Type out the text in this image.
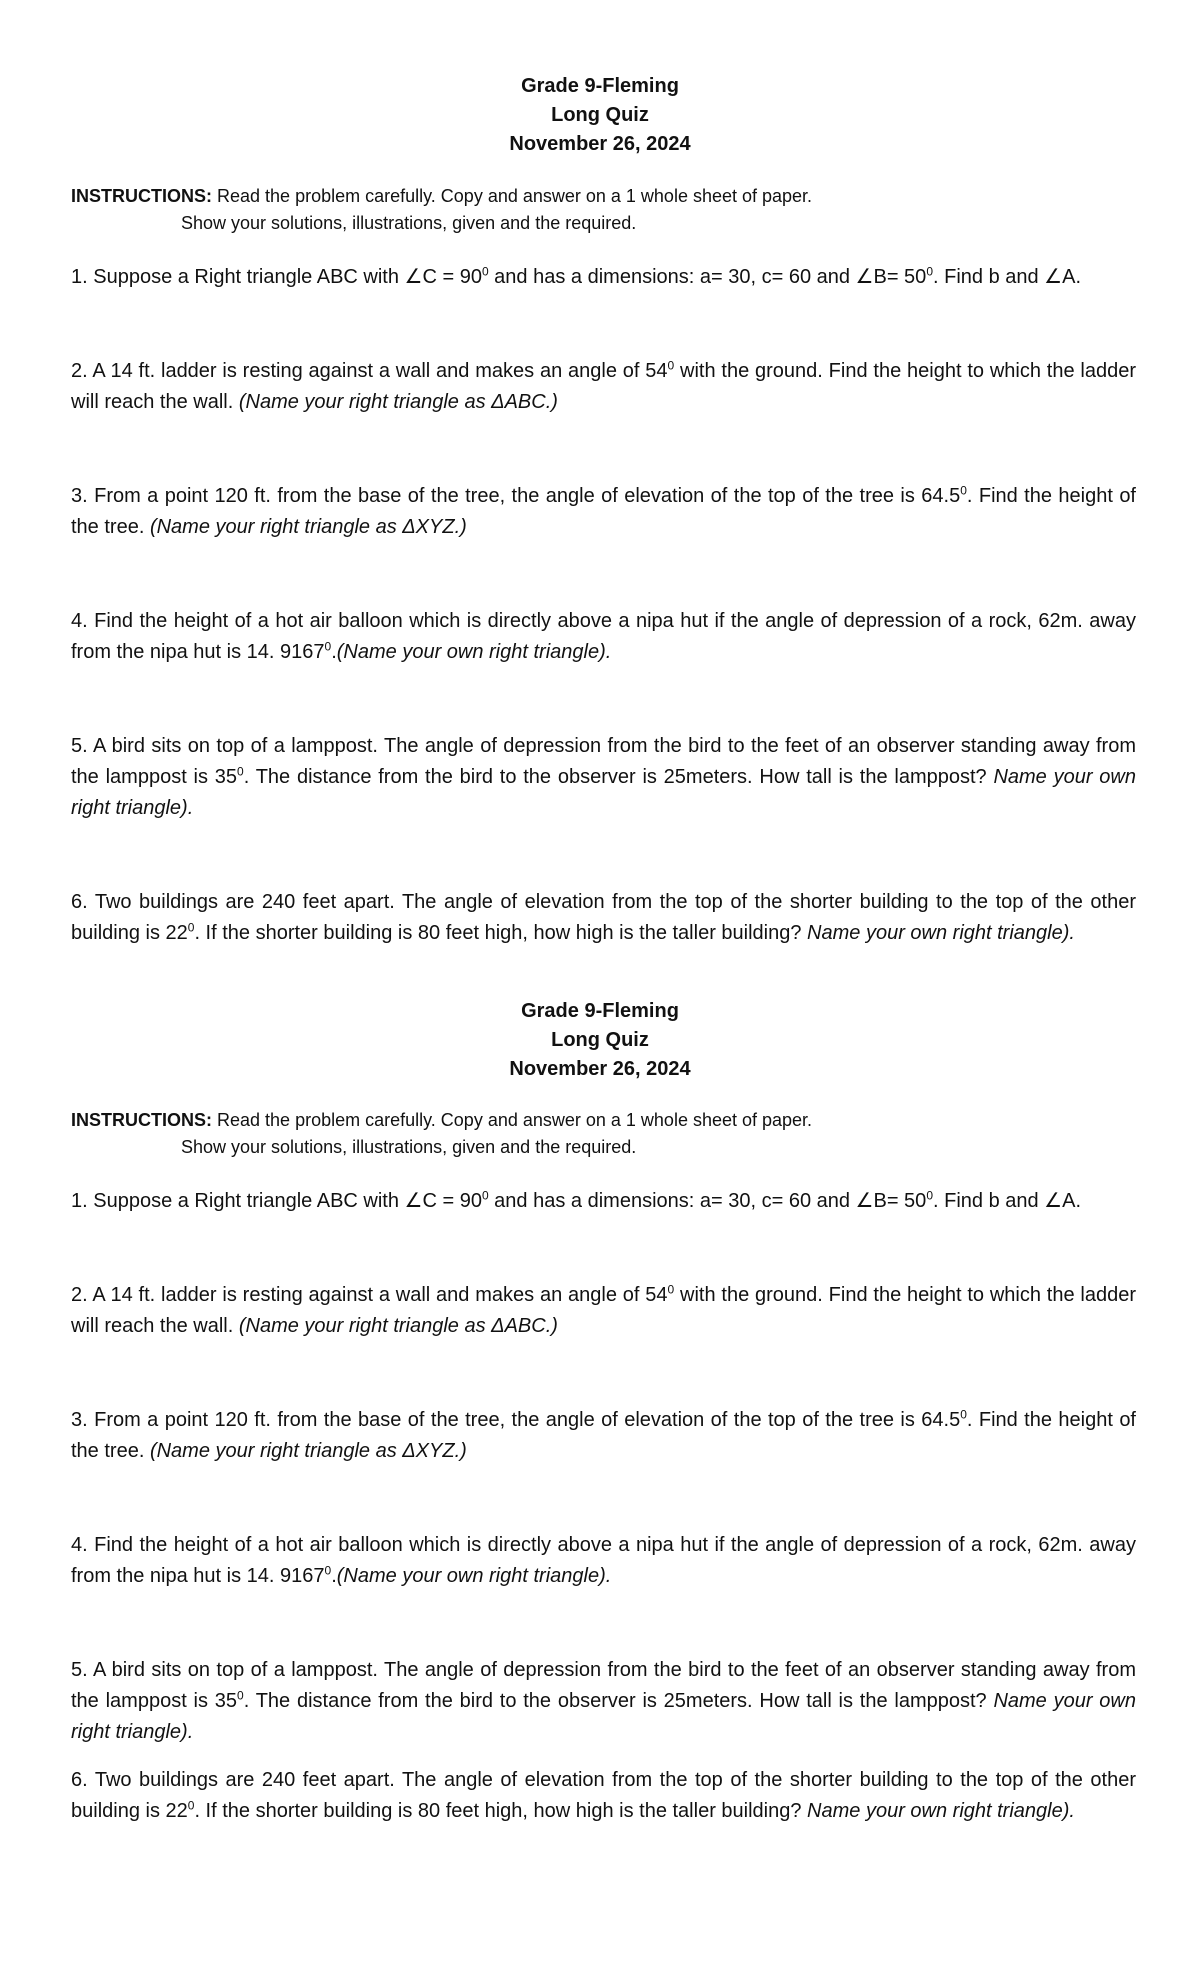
Grade 9-Fleming
Long Quiz
November 26, 2024
INSTRUCTIONS: Read the problem carefully. Copy and answer on a 1 whole sheet of paper.
Show your solutions, illustrations, given and the required.
1. Suppose a Right triangle ABC with ∠C = $90^0$ and has a dimensions: a= 30, c= 60 and ∠B= $50^0$. Find b and ∠A.
2. A 14 ft. ladder is resting against a wall and makes an angle of $54^0$ with the ground. Find the height to which the ladder will reach the wall. (Name your right triangle as ΔABC.)
3. From a point 120 ft. from the base of the tree, the angle of elevation of the top of the tree is 64.5$^0$. Find the height of the tree. (Name your right triangle as ΔXYZ.)
4. Find the height of a hot air balloon which is directly above a nipa hut if the angle of depression of a rock, 62m. away from the nipa hut is 14. 9167$^0$.(Name your own right triangle).
5. A bird sits on top of a lamppost. The angle of depression from the bird to the feet of an observer standing away from the lamppost is $35^0$. The distance from the bird to the observer is 25meters. How tall is the lamppost? Name your own right triangle).
6. Two buildings are 240 feet apart. The angle of elevation from the top of the shorter building to the top of the other building is $22^0$. If the shorter building is 80 feet high, how high is the taller building? Name your own right triangle).
Grade 9-Fleming
Long Quiz
November 26, 2024
INSTRUCTIONS: Read the problem carefully. Copy and answer on a 1 whole sheet of paper.
Show your solutions, illustrations, given and the required.
1. Suppose a Right triangle ABC with ∠C = $90^0$ and has a dimensions: a= 30, c= 60 and ∠B= $50^0$. Find b and ∠A.
2. A 14 ft. ladder is resting against a wall and makes an angle of $54^0$ with the ground. Find the height to which the ladder will reach the wall. (Name your right triangle as ΔABC.)
3. From a point 120 ft. from the base of the tree, the angle of elevation of the top of the tree is 64.5$^0$. Find the height of the tree. (Name your right triangle as ΔXYZ.)
4. Find the height of a hot air balloon which is directly above a nipa hut if the angle of depression of a rock, 62m. away from the nipa hut is 14. 9167$^0$.(Name your own right triangle).
5. A bird sits on top of a lamppost. The angle of depression from the bird to the feet of an observer standing away from the lamppost is $35^0$. The distance from the bird to the observer is 25meters. How tall is the lamppost? Name your own right triangle).
6. Two buildings are 240 feet apart. The angle of elevation from the top of the shorter building to the top of the other building is $22^0$. If the shorter building is 80 feet high, how high is the taller building? Name your own right triangle).
